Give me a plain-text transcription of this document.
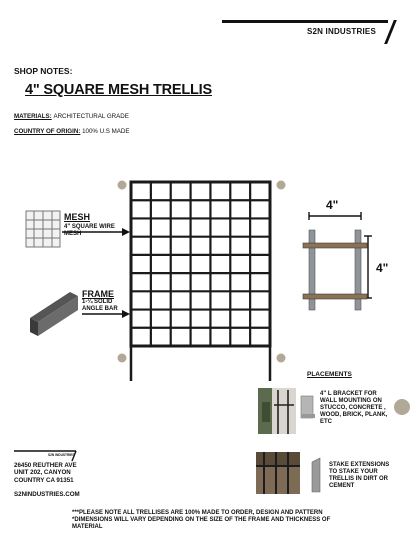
S2N INDUSTRIES
SHOP NOTES:
4" SQUARE MESH TRELLIS
MATERIALS: ARCHITECTURAL GRADE
COUNTRY OF ORIGIN: 100% U.S MADE
MESH
4" SQUARE WIRE
MESH
FRAME
1-¼ SOLID
ANGLE BAR
4"
4"
PLACEMENTS
4" L BRACKET FOR
WALL MOUNTING ON
STUCCO, CONCRETE ,
WOOD, BRICK, PLANK,
ETC
STAKE EXTENSIONS
TO STAKE YOUR
TRELLIS IN DIRT OR
CEMENT
S2N INDUSTRIES
26450 REUTHER AVE
UNIT 202, CANYON
COUNTRY CA 91351
S2NINDUSTRIES.COM
***PLEASE NOTE ALL TRELLISES ARE 100% MADE TO ORDER, DESIGN AND PATTERN
*DIMENSIONS WILL VARY DEPENDING ON THE SIZE OF THE FRAME AND THICKNESS OF
MATERIAL
